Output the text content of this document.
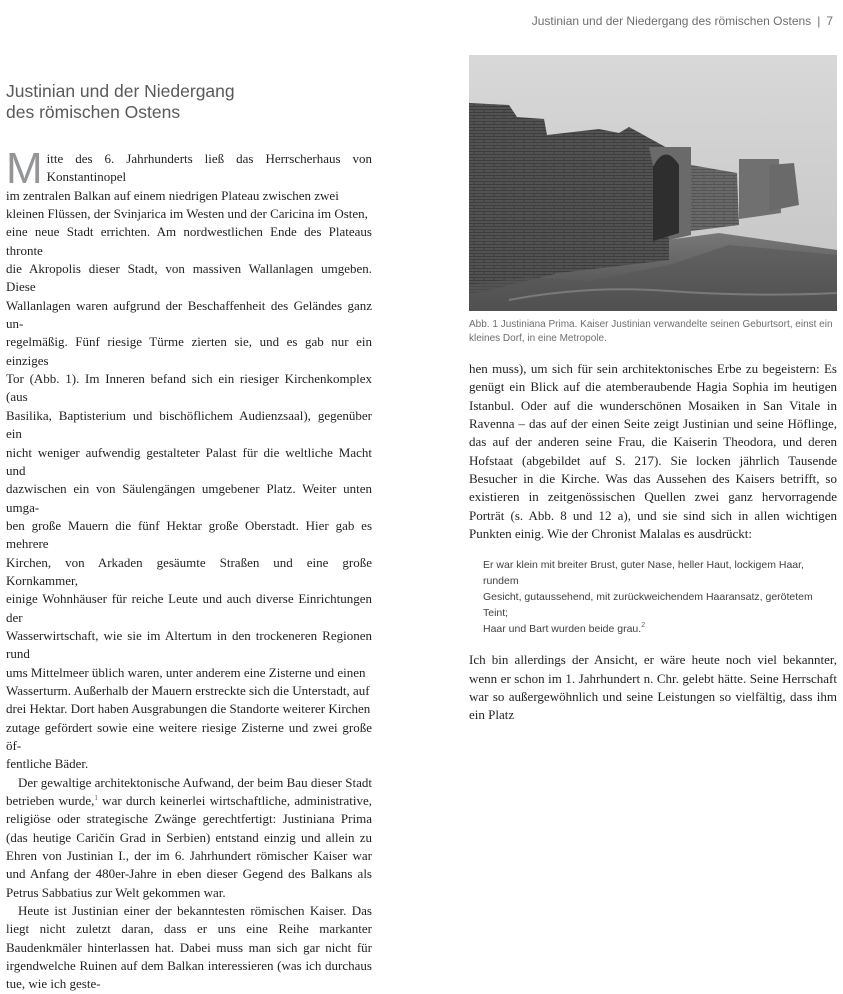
Justinian und der Niedergang des römischen Ostens | 7
Justinian und der Niedergang
des römischen Ostens

M itte des 6. Jahrhunderts ließ das Herrscherhaus von Konstantinopel
im zentralen Balkan auf einem niedrigen Plateau zwischen zwei
kleinen Flüssen, der Svinjarica im Westen und der Caricina im Osten,
eine neue Stadt errichten. Am nordwestlichen Ende des Plateaus thronte
die Akropolis dieser Stadt, von massiven Wallanlagen umgeben. Diese
Wallanlagen waren aufgrund der Beschaffenheit des Geländes ganz un-
regelmäßig. Fünf riesige Türme zierten sie, und es gab nur ein einziges
Tor (Abb. 1). Im Inneren befand sich ein riesiger Kirchenkomplex (aus
Basilika, Baptisterium und bischöflichem Audienzsaal), gegenüber ein
nicht weniger aufwendig gestalteter Palast für die weltliche Macht und
dazwischen ein von Säulengängen umgebener Platz. Weiter unten umga-
ben große Mauern die fünf Hektar große Oberstadt. Hier gab es mehrere
Kirchen, von Arkaden gesäumte Straßen und eine große Kornkammer,
einige Wohnhäuser für reiche Leute und auch diverse Einrichtungen der
Wasserwirtschaft, wie sie im Altertum in den trockeneren Regionen rund
ums Mittelmeer üblich waren, unter anderem eine Zisterne und einen
Wasserturm. Außerhalb der Mauern erstreckte sich die Unterstadt, auf
drei Hektar. Dort haben Ausgrabungen die Standorte weiterer Kirchen
zutage gefördert sowie eine weitere riesige Zisterne und zwei große öf-
fentliche Bäder.

Der gewaltige architektonische Aufwand, der beim Bau dieser Stadt betrieben wurde,$^1$ war durch keinerlei wirtschaftliche, administrative, religiöse oder strategische Zwänge gerechtfertigt: Justiniana Prima (das heutige Caričin Grad in Serbien) entstand einzig und allein zu Ehren von Justinian I., der im 6. Jahrhundert römischer Kaiser war und Anfang der 480er-Jahre in eben dieser Gegend des Balkans als Petrus Sabbatius zur Welt gekommen war.

Heute ist Justinian einer der bekanntesten römischen Kaiser. Das liegt nicht zuletzt daran, dass er uns eine Reihe markanter Baudenkmäler hinterlassen hat. Dabei muss man sich gar nicht für irgendwelche Ruinen auf dem Balkan interessieren (was ich durchaus tue, wie ich geste-

Abb. 1 Justiniana Prima. Kaiser Justinian verwandelte seinen Geburtsort, einst ein kleines Dorf, in eine Metropole.

hen muss), um sich für sein architektonisches Erbe zu begeistern: Es genügt ein Blick auf die atemberaubende Hagia Sophia im heutigen Istanbul. Oder auf die wunderschönen Mosaiken in San Vitale in Ravenna – das auf der einen Seite zeigt Justinian und seine Höflinge, das auf der anderen seine Frau, die Kaiserin Theodora, und deren Hofstaat (abgebildet auf S. 217). Sie locken jährlich Tausende Besucher in die Kirche. Was das Aussehen des Kaisers betrifft, so existieren in zeitgenössischen Quellen zwei ganz hervorragende Porträt (s. Abb. 8 und 12 a), und sie sind sich in allen wichtigen Punkten einig. Wie der Chronist Malalas es ausdrückt:

Er war klein mit breiter Brust, guter Nase, heller Haut, lockigem Haar, rundem
Gesicht, gutaussehend, mit zurückweichendem Haaransatz, gerötetem Teint;
Haar und Bart wurden beide grau.$^2$

Ich bin allerdings der Ansicht, er wäre heute noch viel bekannter, wenn er schon im 1. Jahrhundert n. Chr. gelebt hätte. Seine Herrschaft war so außergewöhnlich und seine Leistungen so vielfältig, dass ihm ein Platz
